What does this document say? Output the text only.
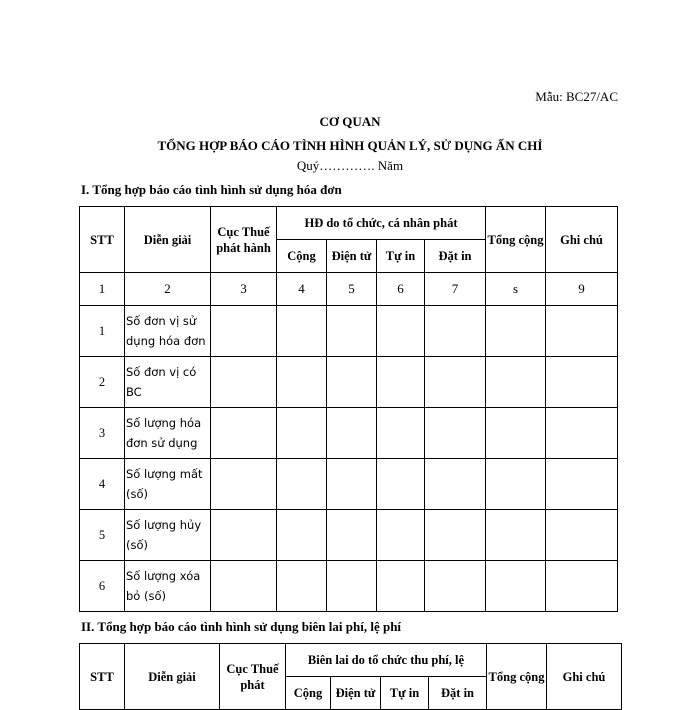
Mẫu: BC27/AC
CƠ QUAN
TỔNG HỢP BÁO CÁO TÌNH HÌNH QUẢN LÝ, SỬ DỤNG ẤN CHỈ
Quý…………. Năm
I. Tổng hợp báo cáo tình hình sử dụng hóa đơn
STT	Diễn giải	Cục Thuế phát hành	HĐ do tổ chức, cá nhân phát				Tổng cộng	Ghi chú
			Cộng	Điện tử	Tự in	Đặt in		
1	2	3	4	5	6	7	s	9
1	Số đơn vị sử dụng hóa đơn							
2	Số đơn vị có BC							
3	Số lượng hóa đơn sử dụng							
4	Số lượng mất (số)							
5	Số lượng hủy (số)							
6	Số lượng xóa bỏ (số)							
II. Tổng hợp báo cáo tình hình sử dụng biên lai phí, lệ phí
STT	Diễn giải	Cục Thuế phát	Biên lai do tổ chức thu phí, lệ				Tổng cộng	Ghi chú
			Cộng	Điện tử	Tự in	Đặt in		
